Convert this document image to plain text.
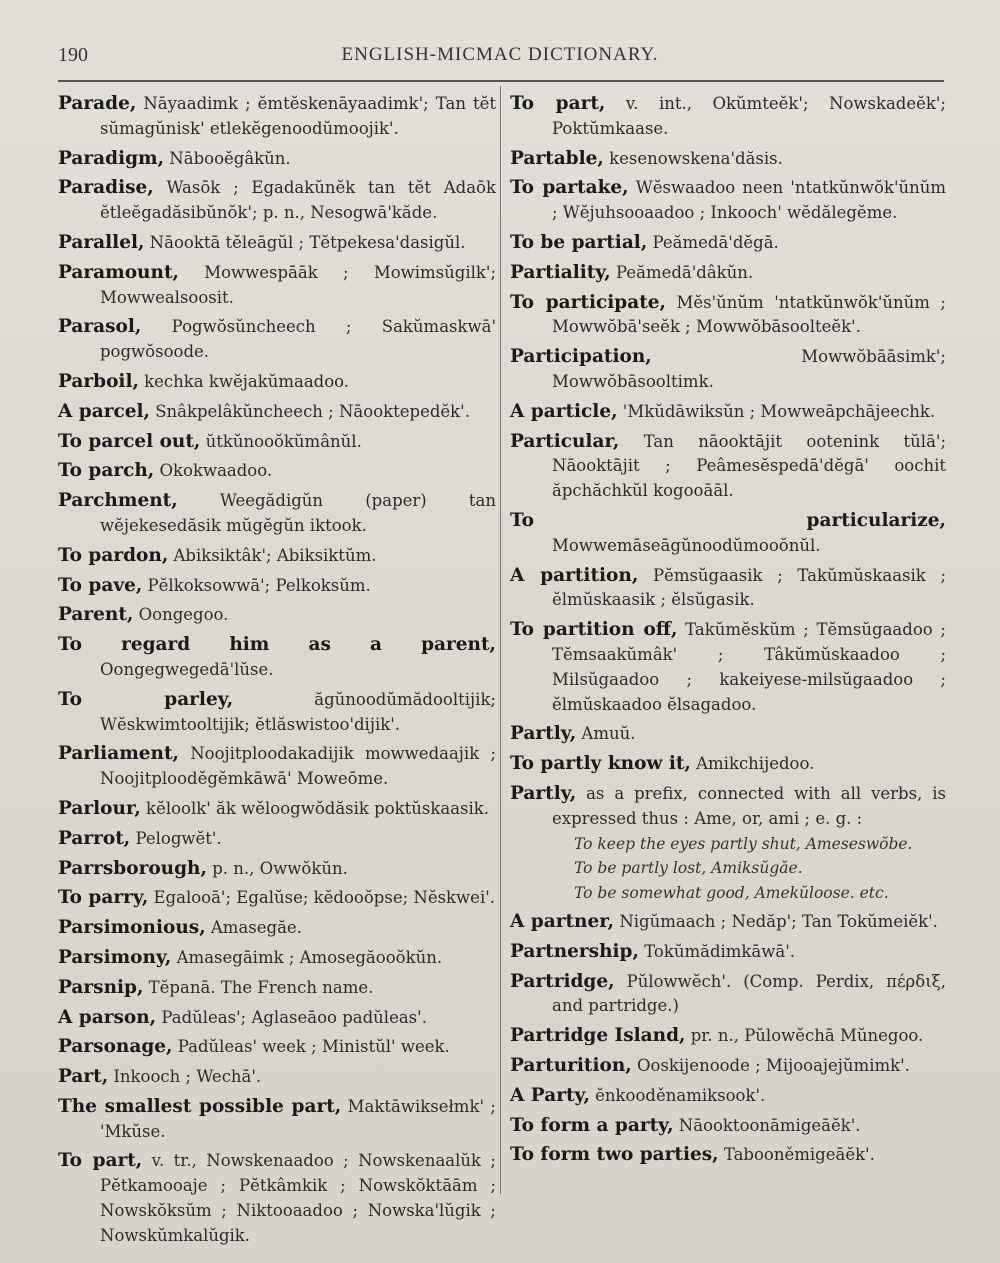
190	ENGLISH-MICMAC DICTIONARY.

Parade, Nāyaadimk ; ĕmtĕskenāyaadimk'; Tan tĕt sŭmagŭnisk' etlekĕgenoodŭmoojik'.

Paradigm, Nābooĕgâkŭn.

Paradise, Wasōk ; Egadakŭnĕk tan tĕt Adaōk ĕtleĕgadăsibŭnŏk'; p. n., Nesogwā'kăde.

Parallel, Nāooktā tĕleāgŭl ; Tĕtpekesa'dasigŭl.

Paramount, Mowwespāāk ; Mowimsŭgilk'; Mowwealsoosit.

Parasol, Pogwŏsŭncheech ; Sakŭmaskwā' pogwŏsoode.

Parboil, kechka kwĕjakŭmaadoo.

A parcel, Snâkpelâkŭncheech ; Nāooktepedĕk'.

To parcel out, ŭtkŭnooŏkŭmânŭl.

To parch, Okokwaadoo.

Parchment, Weegădigŭn (paper) tan wĕjekesedăsik mŭgĕgŭn iktook.

To pardon, Abiksiktâk'; Abiksiktŭm.

To pave, Pĕlkoksowwā'; Pelkoksŭm.

Parent, Oongegoo.

To regard him as a parent, Oongegwegedā'lŭse.

To parley, ăgŭnoodŭmădooltijik; Wĕskwimtooltijik; ĕtlăswistoo'dijik'.

Parliament, Noojitploodakadijik mowwedaajik ; Noojitploodĕgĕmkāwā' Moweōme.

Parlour, kĕloolk' ăk wĕloogwŏdăsik poktŭskaasik.

Parrot, Pelogwĕt'.

Parrsborough, p. n., Owwŏkŭn.

To parry, Egalooā'; Egalŭse; kĕdooŏpse; Nĕskwei'.

Parsimonious, Amasegăe.

Parsimony, Amasegāimk ; Amosegăooŏkŭn.

Parsnip, Tĕpanā. The French name.

A parson, Padŭleas'; Aglaseāoo padŭleas'.

Parsonage, Padŭleas' week ; Ministŭl' week.

Part, Inkooch ; Wechā'.

The smallest possible part, Maktāwiksełmk' ; 'Mkŭse.

To part, v. tr., Nowskenaadoo ; Nowskenaalŭk ; Pĕtkamooaje ; Pĕtkâmkik ; Nowskŏktāām ; Nowskŏksŭm ; Niktooaadoo ; Nowska'lŭgik ; Nowskŭmkalŭgik.

To part, v. int., Okŭmteĕk'; Nowskadeĕk'; Poktŭmkaase.

Partable, kesenowskena'dăsis.

To partake, Wĕswaadoo neen 'ntatkŭnwŏk'ŭnŭm ; Wĕjuhsooaadoo ; Inkooch' wĕdălegĕme.

To be partial, Peămedā'dĕgā.

Partiality, Peămedā'dâkŭn.

To participate, Mĕs'ŭnŭm 'ntatkŭnwŏk'ŭnŭm ; Mowwŏbā'seĕk ; Mowwŏbāsoolteĕk'.

Participation, Mowwŏbāāsimk'; Mowwŏbāsooltimk.

A particle, 'Mkŭdāwiksŭn ; Mowweāpchājeechk.

Particular, Tan nāooktājit ootenink tŭlā'; Nāooktājit ; Peâmesĕspedā'dĕgā' oochit ăpchăchkŭl kogooāāl.

To particularize, Mowwemāseāgŭnoodŭmooŏnŭl.

A partition, Pĕmsŭgaasik ; Takŭmŭskaasik ; ĕlmŭskaasik ; ĕlsŭgasik.

To partition off, Takŭmĕskŭm ; Tĕmsŭgaadoo ; Tĕmsaakŭmâk' ; Tâkŭmŭskaadoo ; Milsŭgaadoo ; kakeiyese-milsŭgaadoo ; ĕlmŭskaadoo ĕlsagadoo.

Partly, Amuŭ.

To partly know it, Amikchijedoo.

Partly, as a prefix, connected with all verbs, is expressed thus : Ame, or, ami ; e. g. :

To keep the eyes partly shut, Ameseswŏbe.

To be partly lost, Amiksŭgăe.

To be somewhat good, Amekŭloose. etc.

A partner, Nigŭmaach ; Nedăp'; Tan Tokŭmeiĕk'.

Partnership, Tokŭmădimkāwā'.

Partridge, Pŭlowwĕch'. (Comp. Perdix, πέρδιξ, and partridge.)

Partridge Island, pr. n., Pŭlowĕchā Mŭnegoo.

Parturition, Ooskijenoode ; Mijooajejŭmimk'.

A Party, ĕnkooděnamiksook'.

To form a party, Nāooktoonāmigeāĕk'.

To form two parties, Tabooněmigeāĕk'.
